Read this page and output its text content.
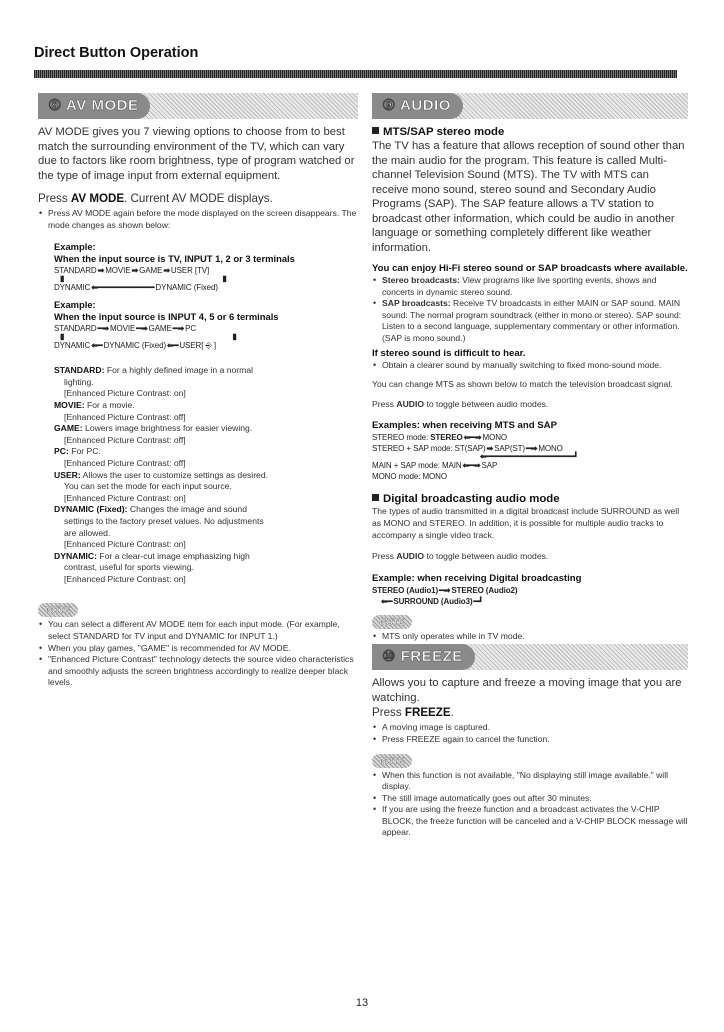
Direct Button Operation
⑧ AV MODE

AV MODE gives you 7 viewing options to choose from to best match the surrounding environment of the TV, which can vary due to factors like room brightness, type of program watched or the type of image input from external equipment.

Press AV MODE. Current AV MODE displays.

• Press AV MODE again before the mode displayed on the screen disappears. The mode changes as shown below:
Example:
When the input source is TV, INPUT 1, 2 or 3 terminals
STANDARD➡MOVIE➡GAME➡USER [TV]
▮	▮
DYNAMIC⬅━━━━━━━━━━━━DYNAMIC (Fixed)
Example:
When the input source is INPUT 4, 5 or 6 terminals
STANDARD━➡MOVIE━➡GAME━➡PC
▮	▮
DYNAMIC⬅━DYNAMIC (Fixed)⬅━USER[ ⎆ ]

STANDARD: For a highly defined image in a normal

lighting.

[Enhanced Picture Contrast: on]

MOVIE: For a movie.

[Enhanced Picture Contrast: off]

GAME: Lowers image brightness for easier viewing.

[Enhanced Picture Contrast: off]

PC: For PC.

[Enhanced Picture Contrast: off]

USER: Allows the user to customize settings as desired.

You can set the mode for each input source.

[Enhanced Picture Contrast: on]

DYNAMIC (Fixed): Changes the image and sound

settings to the factory preset values. No adjustments

are allowed.

[Enhanced Picture Contrast: on]

DYNAMIC: For a clear-cut image emphasizing high

contrast, useful for sports viewing.

[Enhanced Picture Contrast: on]

NOTE
• You can select a different AV MODE item for each input mode. (For example, select STANDARD for TV input and DYNAMIC for INPUT 1.)
• When you play games, "GAME" is recommended for AV MODE.
• "Enhanced Picture Contrast" technology detects the source video characteristics and smoothly adjusts the screen brightness accordingly to realize deeper black levels.
⑨ AUDIO

MTS/SAP stereo mode

The TV has a feature that allows reception of sound other than the main audio for the program. This feature is called Multi-channel Television Sound (MTS). The TV with MTS can receive mono sound, stereo sound and Secondary Audio Programs (SAP). The SAP feature allows a TV station to broadcast other information, which could be audio in another language or something completely different like weather information.

You can enjoy Hi-Fi stereo sound or SAP broadcasts where available.

• Stereo broadcasts: View programs like live sporting events, shows and concerts in dynamic stereo sound.
• SAP broadcasts: Receive TV broadcasts in either MAIN or SAP sound. MAIN sound: The normal program soundtrack (either in mono or stereo). SAP sound: Listen to a second language, supplementary commentary or other information. (SAP is mono sound.)

If stereo sound is difficult to hear.

• Obtain a clearer sound by manually switching to fixed mono-sound mode.

You can change MTS as shown below to match the television broadcast signal.

Press AUDIO to toggle between audio modes.

Examples: when receiving MTS and SAP

STEREO mode: STEREO⬅━➡MONO
STEREO + SAP mode: ST(SAP)➡SAP(ST)━➡MONO
⬅━━━━━━━━━━━━━━━━━━┛
MAIN + SAP mode: MAIN⬅━➡SAP
MONO mode: MONO

Digital broadcasting audio mode

The types of audio transmitted in a digital broadcast include SURROUND as well as MONO and STEREO. In addition, it is possible for multiple audio tracks to accompany a single video track.

Press AUDIO to toggle between audio modes.

Example: when receiving Digital broadcasting

STEREO (Audio1)━➡STEREO (Audio2)
⬅━SURROUND (Audio3)━┛
NOTE
• MTS only operates while in TV mode.
⑩ FREEZE

Allows you to capture and freeze a moving image that you are watching.

Press FREEZE.

• A moving image is captured.
• Press FREEZE again to cancel the function.
NOTE
• When this function is not available, "No displaying still image available." will display.
• The still image automatically goes out after 30 minutes.
• If you are using the freeze function and a broadcast activates the V-CHIP BLOCK, the freeze function will be canceled and a V-CHIP BLOCK message will appear.
13
